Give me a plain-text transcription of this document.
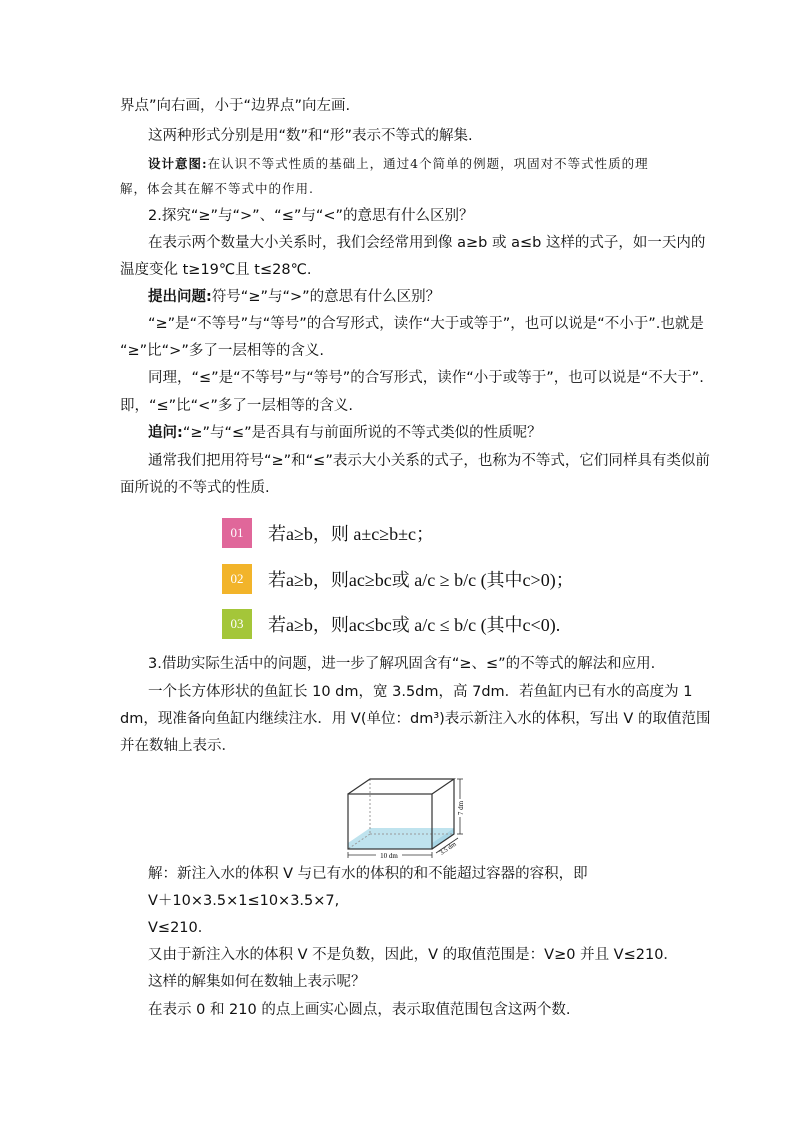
界点”向右画，小于“边界点”向左画.
这两种形式分别是用“数”和“形”表示不等式的解集.
设计意图:在认识不等式性质的基础上，通过4个简单的例题，巩固对不等式性质的理
解，体会其在解不等式中的作用.
2.探究“≥”与“>”、“≤”与“<”的意思有什么区别？
在表示两个数量大小关系时，我们会经常用到像 a≥b 或 a≤b 这样的式子，如一天内的
温度变化 t≥19℃且 t≤28℃.
提出问题:符号“≥”与“>”的意思有什么区别？
“≥”是“不等号”与“等号”的合写形式，读作“大于或等于”，也可以说是“不小于”.也就是
“≥”比“>”多了一层相等的含义.
同理，“≤”是“不等号”与“等号”的合写形式，读作“小于或等于”，也可以说是“不大于”.
即，“≤”比“<”多了一层相等的含义.
追问:“≥”与“≤”是否具有与前面所说的不等式类似的性质呢？
通常我们把用符号“≥”和“≤”表示大小关系的式子，也称为不等式，它们同样具有类似前
面所说的不等式的性质.
01	若a≥b，则 a±c≥b±c；
02	若a≥b，则ac≥bc或 a/c ≥ b/c (其中c>0)；
03	若a≥b，则ac≤bc或 a/c ≤ b/c (其中c<0).
3.借助实际生活中的问题，进一步了解巩固含有“≥、≤”的不等式的解法和应用.
一个长方体形状的鱼缸长 10 dm，宽 3.5dm，高 7dm．若鱼缸内已有水的高度为 1
dm，现准备向鱼缸内继续注水．用 V(单位：dm³)表示新注入水的体积，写出 V 的取值范围
并在数轴上表示．
10 dm
7 dm
3.5 dm
解：新注入水的体积 V 与已有水的体积的和不能超过容器的容积，即
V＋10×3.5×1≤10×3.5×7,
V≤210．
又由于新注入水的体积 V 不是负数，因此，V 的取值范围是：V≥0 并且 V≤210．
这样的解集如何在数轴上表示呢？
在表示 0 和 210 的点上画实心圆点，表示取值范围包含这两个数.
